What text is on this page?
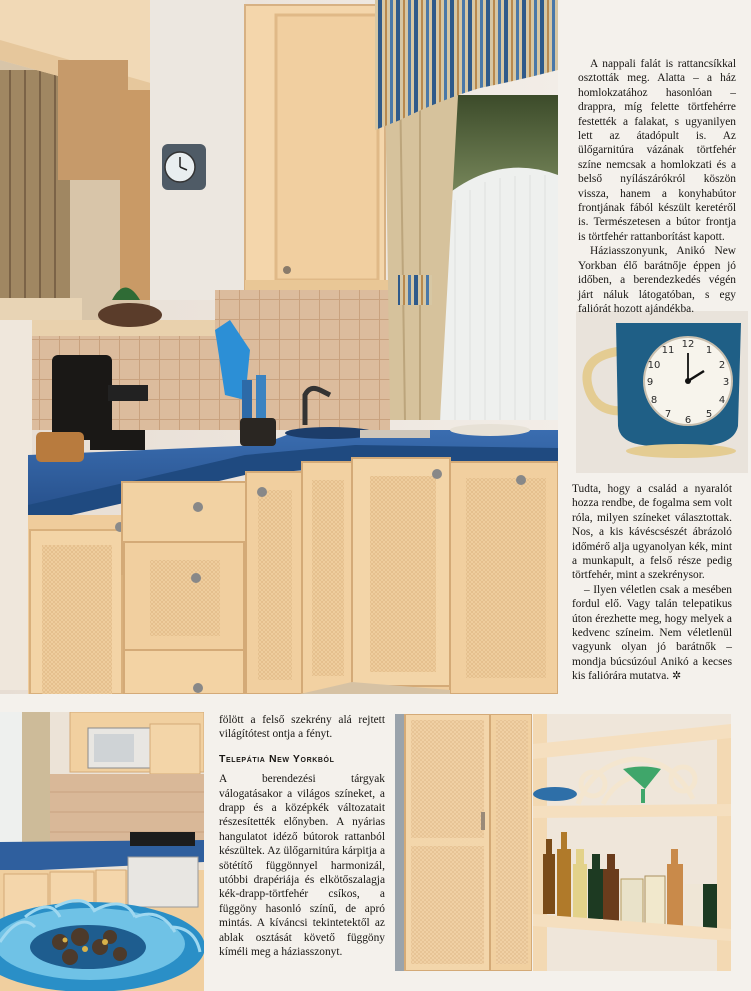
12
1
2
3
4
5
6
7
8
9
10
11

A nappali falát is rattancsíkkal osztották meg. Alatta – a ház homlokzatához hasonlóan – drappra, míg felette törtfehérre festették a falakat, s ugyanilyen lett az átadópult is. Az ülőgarnitúra vázának törtfehér színe nemcsak a homlokzati és a belső nyílászárókról köszön vissza, hanem a konyhabútor frontjának fából készült keretéről is. Természetesen a bútor frontja is törtfehér rattanborítást kapott.

Háziasszonyunk, Anikó New Yorkban élő barátnője éppen jó időben, a berendezkedés végén járt náluk látogatóban, s egy faliórát hozott ajándékba.

Tudta, hogy a család a nyaralót hozza rendbe, de fogalma sem volt róla, milyen színeket választottak. Nos, a kis kávéscsészét ábrázoló időmérő alja ugyanolyan kék, mint a munkapult, a felső része pedig törtfehér, mint a szekrénysor.

– Ilyen véletlen csak a mesében fordul elő. Vagy talán telepatikus úton érezhette meg, hogy melyek a kedvenc színeim. Nem véletlenül vagyunk olyan jó barátnők – mondja búcsúzóul Anikó a kecses kis faliórára mutatva. ✲

fölött a felső szekrény alá rejtett világítótest ontja a fényt.

Telepátia New Yorkból

A berendezési tárgyak válogatásakor a világos színeket, a drapp és a középkék változatait részesítették előnyben. A nyárias hangulatot idéző bútorok rattanból készültek. Az ülőgarnitúra kárpitja a sötétítő függönnyel harmonizál, utóbbi drapériája és elkötőszalagja kék-drapp-törtfehér csíkos, a függöny hasonló színű, de apró mintás. A kíváncsi tekintetektől az ablak osztását követő függöny kíméli meg a háziasszonyt.
